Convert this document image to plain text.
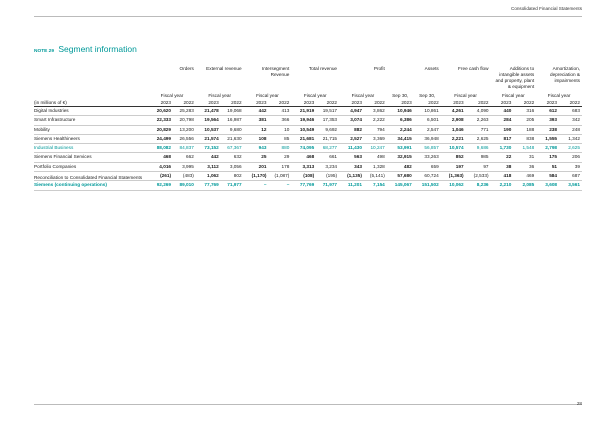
Consolidated Financial Statements
NOTE 29 Segment information
	Orders		External revenue		Intersegment Revenue		Total revenue		Profit		Assets		Free cash flow		Additions to intangible assets and property, plant & equipment		Amortization, depreciation & impairments	
	Fiscal year		Fiscal year		Fiscal year		Fiscal year		Fiscal year		Sep 30,	Sep 30,	Fiscal year		Fiscal year		Fiscal year	
(in millions of €)	2023	2022	2023	2022	2023	2022	2023	2022	2023	2022	2023	2022	2023	2022	2023	2022	2023	2022
Digital Industries	20,620	25,283	21,478	19,068	442	413	21,919	19,517	4,947	3,862	10,946	10,861	4,261	4,090	440	316	612	683
Smart Infrastructure	22,333	20,798	19,564	16,987	381	366	19,946	17,353	3,074	2,222	6,386	6,501	2,908	2,263	284	205	393	342
Mobility	20,829	13,200	10,537	9,680	12	10	10,549	9,692	882	794	2,244	2,547	1,046	771	190	188	238	248
Siemens Healthineers	24,499	26,556	21,574	21,630	108	85	21,681	21,715	2,527	3,369	34,415	36,948	2,221	2,625	817	838	1,555	1,342
Industrial Business	88,082	84,837	73,152	67,367	943	880	74,095	68,277	11,430	10,247	53,991	56,857	10,574	9,686	1,730	1,548	2,798	2,625
Siemens Financial Services	468	662	442	632	25	29	468	661	563	498	32,915	33,263	852	985	22	31	175	206
Portfolio Companies	4,016	3,995	3,112	3,056	201	178	3,313	3,234	343	1,328	482	659	197	97	38	36	51	39
Reconciliation to Consolidated Financial Statements	(261)	(483)	1,062	802	(1,170)	(1,087)	(108)	(195)	(1,135)	(5,141)	57,680	60,724	(1,363)	(2,533)	418	469	584	687
Siemens (continuing operations)	92,269	89,010	77,769	71,977	–	–	77,769	71,977	11,201	7,154	145,067	151,502	10,062	8,236	2,210	2,085	3,608	3,561
28
